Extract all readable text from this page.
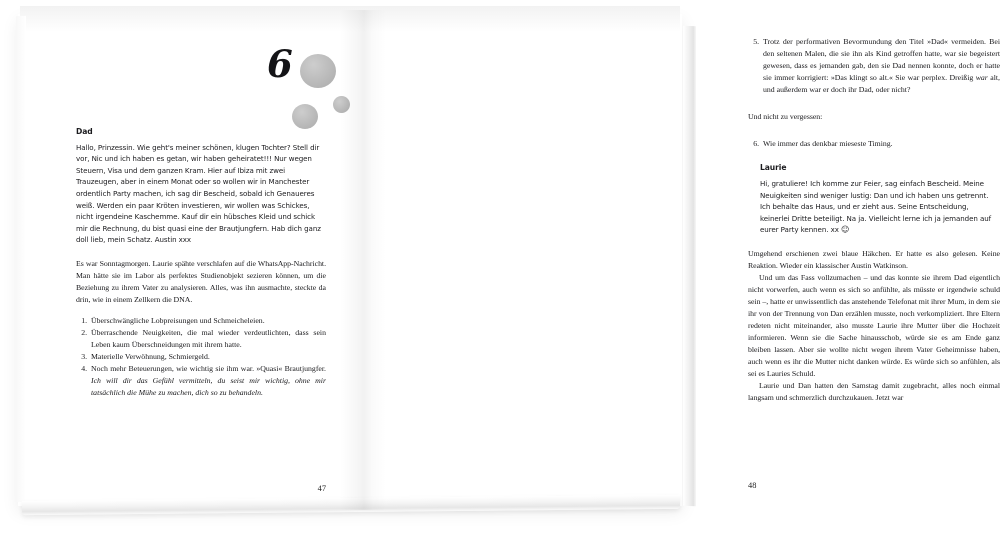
6
Dad

Hallo, Prinzessin. Wie geht's meiner schönen, klugen Tochter? Stell dir vor, Nic und ich haben es getan, wir haben geheiratet!!! Nur wegen Steuern, Visa und dem ganzen Kram. Hier auf Ibiza mit zwei Trauzeugen, aber in einem Monat oder so wollen wir in Manchester ordentlich Party machen, ich sag dir Bescheid, sobald ich Genaueres weiß. Werden ein paar Kröten investieren, wir wollen was Schickes, nicht irgendeine Kaschemme. Kauf dir ein hübsches Kleid und schick mir die Rechnung, du bist quasi eine der Brautjungfern. Hab dich ganz doll lieb, mein Schatz. Austin xxx

Es war Sonntagmorgen. Laurie spähte verschlafen auf die WhatsApp-Nachricht. Man hätte sie im Labor als perfektes Studienobjekt sezieren können, um die Beziehung zu ihrem Vater zu analysieren. Alles, was ihn ausmachte, steckte da drin, wie in einem Zellkern die DNA.

1. Überschwängliche Lobpreisungen und Schmeicheleien.
2. Überraschende Neuigkeiten, die mal wieder verdeutlichten, dass sein Leben kaum Überschneidungen mit ihrem hatte.
3. Materielle Verwöhnung, Schmiergeld.
4. Noch mehr Beteuerungen, wie wichtig sie ihm war. »Quasi« Brautjungfer. Ich will dir das Gefühl vermitteln, du seist mir wichtig, ohne mir tatsächlich die Mühe zu machen, dich so zu behandeln.
47
5. Trotz der performativen Bevormundung den Titel »Dad« vermeiden. Bei den seltenen Malen, die sie ihn als Kind getroffen hatte, war sie begeistert gewesen, dass es jemanden gab, den sie Dad nennen konnte, doch er hatte sie immer korrigiert: »Das klingt so alt.« Sie war perplex. Dreißig war alt, und außerdem war er doch ihr Dad, oder nicht?

Und nicht zu vergessen:

6. Wie immer das denkbar mieseste Timing.
Laurie

Hi, gratuliere! Ich komme zur Feier, sag einfach Bescheid. Meine Neuigkeiten sind weniger lustig: Dan und ich haben uns getrennt. Ich behalte das Haus, und er zieht aus. Seine Entscheidung, keinerlei Dritte beteiligt. Na ja. Vielleicht lerne ich ja jemanden auf eurer Party kennen. xx ☺

Umgehend erschienen zwei blaue Häkchen. Er hatte es also gelesen. Keine Reaktion. Wieder ein klassischer Austin Watkinson.

Und um das Fass vollzumachen – und das konnte sie ihrem Dad eigentlich nicht vorwerfen, auch wenn es sich so anfühlte, als müsste er irgendwie schuld sein –, hatte er unwissentlich das anstehende Telefonat mit ihrer Mum, in dem sie ihr von der Trennung von Dan erzählen musste, noch verkompliziert. Ihre Eltern redeten nicht miteinander, also musste Laurie ihre Mutter über die Hochzeit informieren. Wenn sie die Sache hinausschob, würde sie es am Ende ganz bleiben lassen. Aber sie wollte nicht wegen ihrem Vater Geheimnisse haben, auch wenn es ihr die Mutter nicht danken würde. Es würde sich so anfühlen, als sei es Lauries Schuld.

Laurie und Dan hatten den Samstag damit zugebracht, alles noch einmal langsam und schmerzlich durchzukauen. Jetzt war

48
